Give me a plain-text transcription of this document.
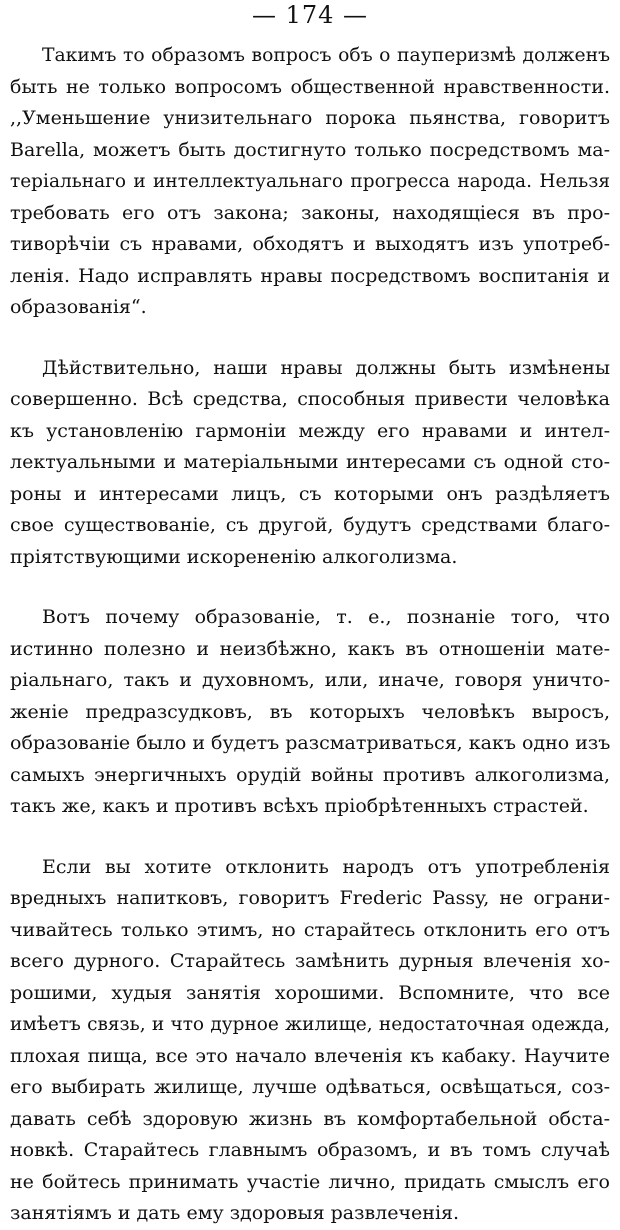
— 174 —
Такимъ то образомъ вопросъ объ о пауперизмѣ долженъ
быть не только вопросомъ общественной нравственности.
,,Уменьшение унизительнаго порока пьянства, говоритъ
Barella, можетъ быть достигнуто только посредствомъ ма-
теріальнаго и интеллектуальнаго прогресса народа. Нельзя
требовать его отъ закона; законы, находящіеся въ про-
тиворѣчіи съ нравами, обходятъ и выходятъ изъ употреб-
ленія. Надо исправлять нравы посредствомъ воспитанія и
образованія“.
Дѣйствительно, наши нравы должны быть измѣнены
совершенно. Всѣ средства, способныя привести человѣка
къ установленію гармоніи между его нравами и интел-
лектуальными и матеріальными интересами съ одной сто-
роны и интересами лицъ, съ которыми онъ раздѣляетъ
свое существованіе, съ другой, будутъ средствами благо-
пріятствующими искорененію алкоголизма.
Вотъ почему образованіе, т. е., познаніе того, что
истинно полезно и неизбѣжно, какъ въ отношеніи мате-
ріальнаго, такъ и духовномъ, или, иначе, говоря уничто-
женіе предразсудковъ, въ которыхъ человѣкъ выросъ,
образованіе было и будетъ разсматриваться, какъ одно изъ
самыхъ энергичныхъ орудій войны противъ алкоголизма,
такъ же, какъ и противъ всѣхъ пріобрѣтенныхъ страстей.
Если вы хотите отклонить народъ отъ употребленія
вредныхъ напитковъ, говоритъ Frederic Passy, не ограни-
чивайтесь только этимъ, но старайтесь отклонить его отъ
всего дурного. Старайтесь замѣнить дурныя влеченія хо-
рошими, худыя занятія хорошими. Вспомните, что все
имѣетъ связь, и что дурное жилище, недостаточная одежда,
плохая пища, все это начало влеченія къ кабаку. Научите
его выбирать жилище, лучше одѣваться, освѣщаться, соз-
давать себѣ здоровую жизнь въ комфортабельной обста-
новкѣ. Старайтесь главнымъ образомъ, и въ томъ случаѣ
не бойтесь принимать участіе лично, придать смыслъ его
занятіямъ и дать ему здоровыя развлеченія.
